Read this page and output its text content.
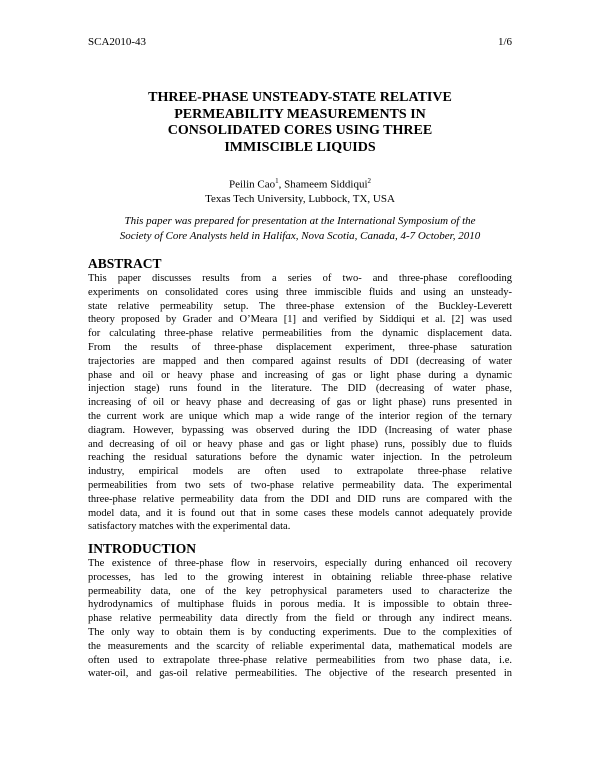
SCA2010-43	1/6
THREE-PHASE UNSTEADY-STATE RELATIVE
PERMEABILITY MEASUREMENTS IN
CONSOLIDATED CORES USING THREE
IMMISCIBLE LIQUIDS
Peilin Cao$^1$, Shameem Siddiqui$^2$
Texas Tech University, Lubbock, TX, USA
This paper was prepared for presentation at the International Symposium of the
Society of Core Analysts held in Halifax, Nova Scotia, Canada, 4-7 October, 2010
ABSTRACT
This paper discusses results from a series of two- and three-phase coreflooding
experiments on consolidated cores using three immiscible fluids and using an unsteady-
state relative permeability setup. The three-phase extension of the Buckley-Leverett
theory proposed by Grader and O’Meara [1] and verified by Siddiqui et al. [2] was used
for calculating three-phase relative permeabilities from the dynamic displacement data.
From the results of three-phase displacement experiment, three-phase saturation
trajectories are mapped and then compared against results of DDI (decreasing of water
phase and oil or heavy phase and increasing of gas or light phase during a dynamic
injection stage) runs found in the literature. The DID (decreasing of water phase,
increasing of oil or heavy phase and decreasing of gas or light phase) runs presented in
the current work are unique which map a wide range of the interior region of the ternary
diagram. However, bypassing was observed during the IDD (Increasing of water phase
and decreasing of oil or heavy phase and gas or light phase) runs, possibly due to fluids
reaching the residual saturations before the dynamic water injection. In the petroleum
industry, empirical models are often used to extrapolate three-phase relative
permeabilities from two sets of two-phase relative permeability data. The experimental
three-phase relative permeability data from the DDI and DID runs are compared with the
model data, and it is found out that in some cases these models cannot adequately provide
satisfactory matches with the experimental data.
INTRODUCTION
The existence of three-phase flow in reservoirs, especially during enhanced oil recovery
processes, has led to the growing interest in obtaining reliable three-phase relative
permeability data, one of the key petrophysical parameters used to characterize the
hydrodynamics of multiphase fluids in porous media. It is impossible to obtain three-
phase relative permeability data directly from the field or through any indirect means.
The only way to obtain them is by conducting experiments. Due to the complexities of
the measurements and the scarcity of reliable experimental data, mathematical models are
often used to extrapolate three-phase relative permeabilities from two phase data, i.e.
water-oil, and gas-oil relative permeabilities. The objective of the research presented in
